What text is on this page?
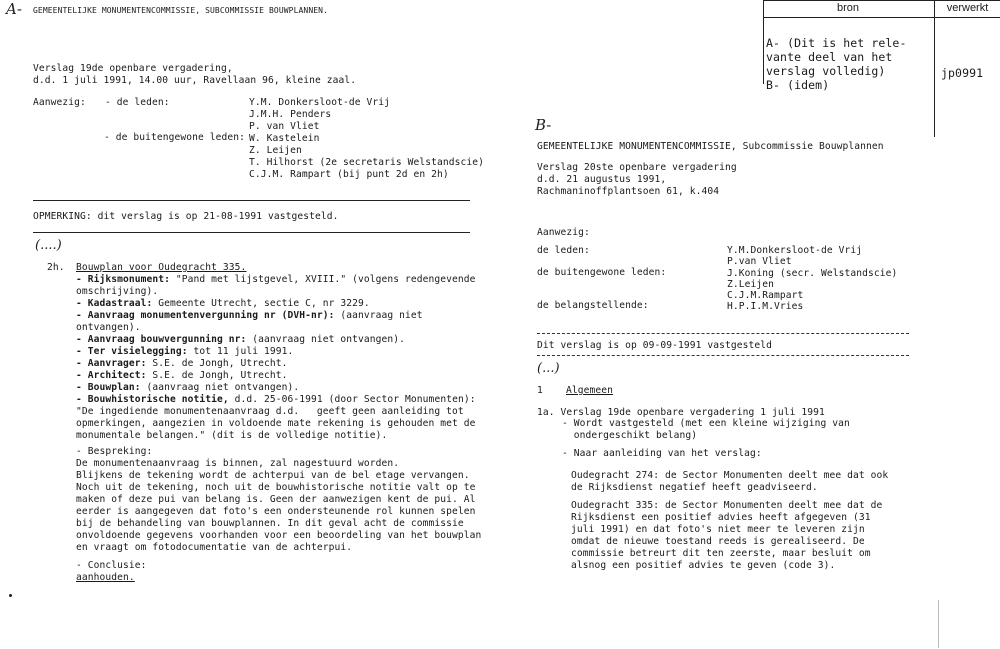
bron	verwerkt

A- (Dit is het rele-
vante deel van het
verslag volledig)
B- (idem)
jp0991
A- GEMEENTELIJKE MONUMENTENCOMMISSIE, SUBCOMMISSIE BOUWPLANNEN.
Verslag 19de openbare vergadering,
d.d. 1 juli 1991, 14.00 uur, Ravellaan 96, kleine zaal.
Aanwezig: - de leden:
- de buitengewone leden:
Y.M. Donkersloot-de Vrij
J.M.H. Penders
P. van Vliet
W. Kastelein
Z. Leijen
T. Hilhorst (2e secretaris Welstandscie)
C.J.M. Rampart (bij punt 2d en 2h)
OPMERKING: dit verslag is op 21-08-1991 vastgesteld.
(....)
2h. Bouwplan voor Oudegracht 335.
- Rijksmonument: "Pand met lijstgevel, XVIII." (volgens redengevende
omschrijving).
- Kadastraal: Gemeente Utrecht, sectie C, nr 3229.
- Aanvraag monumentenvergunning nr (DVH-nr): (aanvraag niet
ontvangen).
- Aanvraag bouwvergunning nr: (aanvraag niet ontvangen).
- Ter visielegging: tot 11 juli 1991.
- Aanvrager: S.E. de Jongh, Utrecht.
- Architect: S.E. de Jongh, Utrecht.
- Bouwplan: (aanvraag niet ontvangen).
- Bouwhistorische notitie, d.d. 25-06-1991 (door Sector Monumenten):
"De ingediende monumentenaanvraag d.d.   geeft geen aanleiding tot
opmerkingen, aangezien in voldoende mate rekening is gehouden met de
monumentale belangen." (dit is de volledige notitie).
- Bespreking:
De monumentenaanvraag is binnen, zal nagestuurd worden.
Blijkens de tekening wordt de achterpui van de bel etage vervangen.
Noch uit de tekening, noch uit de bouwhistorische notitie valt op te
maken of deze pui van belang is. Geen der aanwezigen kent de pui. Al
eerder is aangegeven dat foto's een ondersteunende rol kunnen spelen
bij de behandeling van bouwplannen. In dit geval acht de commissie
onvoldoende gegevens voorhanden voor een beoordeling van het bouwplan
en vraagt om fotodocumentatie van de achterpui.
- Conclusie:
aanhouden.
B-
GEMEENTELIJKE MONUMENTENCOMMISSIE, Subcommissie Bouwplannen
Verslag 20ste openbare vergadering
d.d. 21 augustus 1991,
Rachmaninoffplantsoen 61, k.404
Aanwezig:
de leden:
de buitengewone leden:
de belangstellende:
Y.M.Donkersloot-de Vrij
P.van Vliet
J.Koning (secr. Welstandscie)
Z.Leijen
C.J.M.Rampart
H.P.I.M.Vries
Dit verslag is op 09-09-1991 vastgesteld
(...)
1 Algemeen
1a. Verslag 19de openbare vergadering 1 juli 1991
- Wordt vastgesteld (met een kleine wijziging van
ondergeschikt belang)
- Naar aanleiding van het verslag:
Oudegracht 274: de Sector Monumenten deelt mee dat ook
de Rijksdienst negatief heeft geadviseerd.
Oudegracht 335: de Sector Monumenten deelt mee dat de
Rijksdienst een positief advies heeft afgegeven (31
juli 1991) en dat foto's niet meer te leveren zijn
omdat de nieuwe toestand reeds is gerealiseerd. De
commissie betreurt dit ten zeerste, maar besluit om
alsnog een positief advies te geven (code 3).
